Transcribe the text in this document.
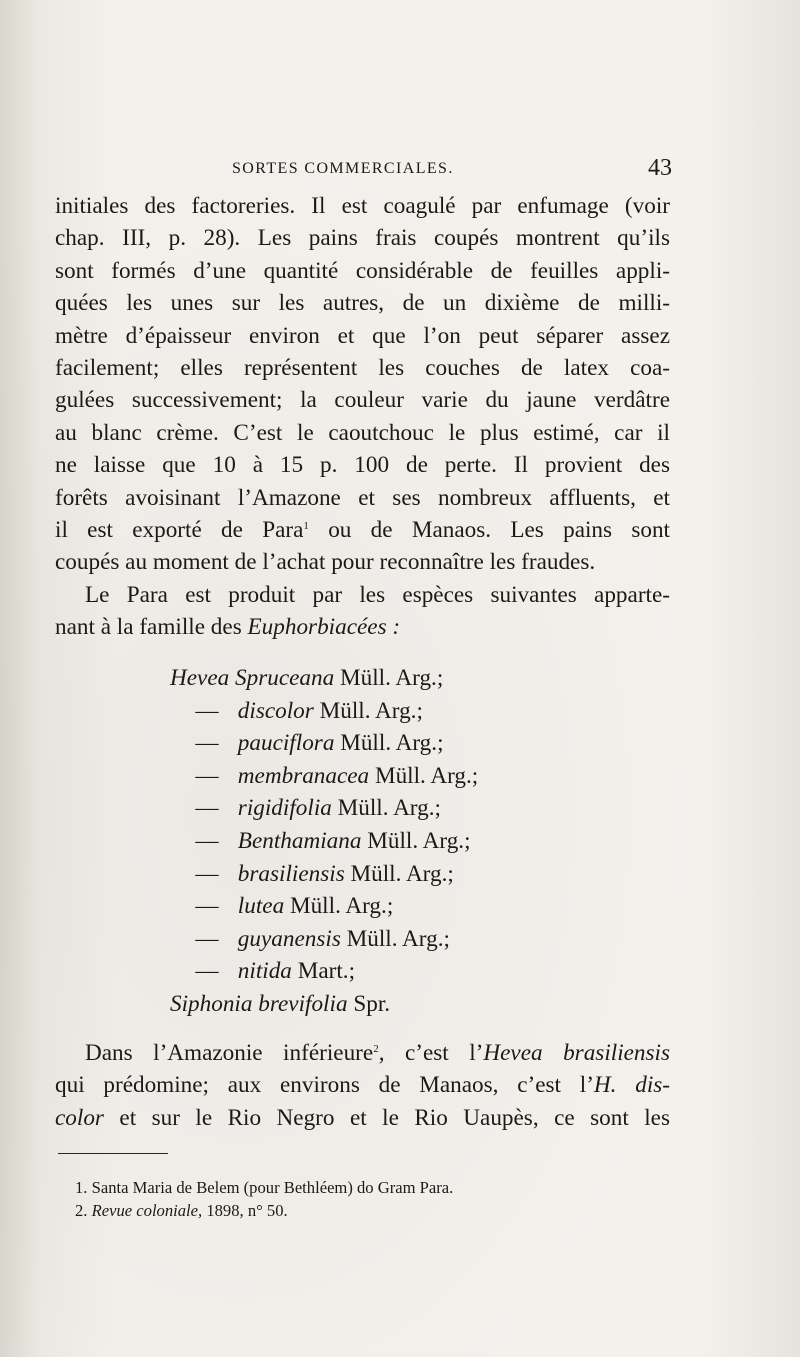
SORTES COMMERCIALES.	43
initiales des factoreries. Il est coagulé par enfumage (voir
chap. III, p. 28). Les pains frais coupés montrent qu’ils
sont formés d’une quantité considérable de feuilles appli-
quées les unes sur les autres, de un dixième de milli-
mètre d’épaisseur environ et que l’on peut séparer assez
facilement; elles représentent les couches de latex coa-
gulées successivement; la couleur varie du jaune verdâtre
au blanc crème. C’est le caoutchouc le plus estimé, car il
ne laisse que 10 à 15 p. 100 de perte. Il provient des
forêts avoisinant l’Amazone et ses nombreux affluents, et
il est exporté de Para$^1$ ou de Manaos. Les pains sont
coupés au moment de l’achat pour reconnaître les fraudes.
Le Para est produit par les espèces suivantes apparte-
nant à la famille des Euphorbiacées :
Hevea Spruceana Müll. Arg.;
— discolor Müll. Arg.;
— pauciflora Müll. Arg.;
— membranacea Müll. Arg.;
— rigidifolia Müll. Arg.;
— Benthamiana Müll. Arg.;
— brasiliensis Müll. Arg.;
— lutea Müll. Arg.;
— guyanensis Müll. Arg.;
— nitida Mart.;
Siphonia brevifolia Spr.
Dans l’Amazonie inférieure$^2$, c’est l’Hevea brasiliensis
qui prédomine; aux environs de Manaos, c’est l’H. dis-
color et sur le Rio Negro et le Rio Uaupès, ce sont les
1. Santa Maria de Belem (pour Bethléem) do Gram Para.
2. Revue coloniale, 1898, n° 50.
